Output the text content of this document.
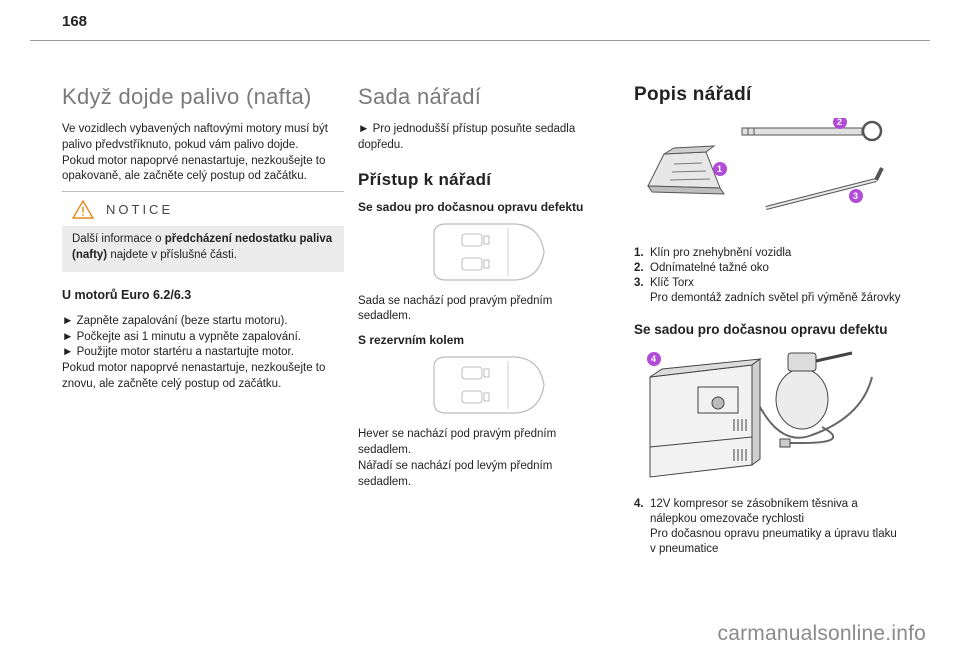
168
Když dojde palivo (nafta)

Ve vozidlech vybavených naftovými motory musí být palivo předvstříknuto, pokud vám palivo dojde.

Pokud motor napoprvé nenastartuje, nezkoušejte to opakovaně, ale začněte celý postup od začátku.

NOTICE
Další informace o předcházení nedostatku paliva (nafty) najdete v příslušné části.
U motorů Euro 6.2/6.3

► Zapněte zapalování (beze startu motoru).

► Počkejte asi 1 minutu a vypněte zapalování.

► Použijte motor startéru a nastartujte motor.

Pokud motor napoprvé nenastartuje, nezkoušejte to znovu, ale začněte celý postup od začátku.

Sada nářadí

► Pro jednodušší přístup posuňte sedadla dopředu.

Přístup k nářadí
Se sadou pro dočasnou opravu defektu

Sada se nachází pod pravým předním sedadlem.

S rezervním kolem

Hever se nachází pod pravým předním sedadlem.

Nářadí se nachází pod levým předním sedadlem.

Popis nářadí
1
2
3
1. Klín pro znehybnění vozidla
2. Odnímatelné tažné oko
3. Klíč Torx
Pro demontáž zadních světel při výměně žárovky
Se sadou pro dočasnou opravu defektu
4
4. 12V kompresor se zásobníkem těsniva a nálepkou omezovače rychlosti
Pro dočasnou opravu pneumatiky a úpravu tlaku v pneumatice
carmanualsonline.info
